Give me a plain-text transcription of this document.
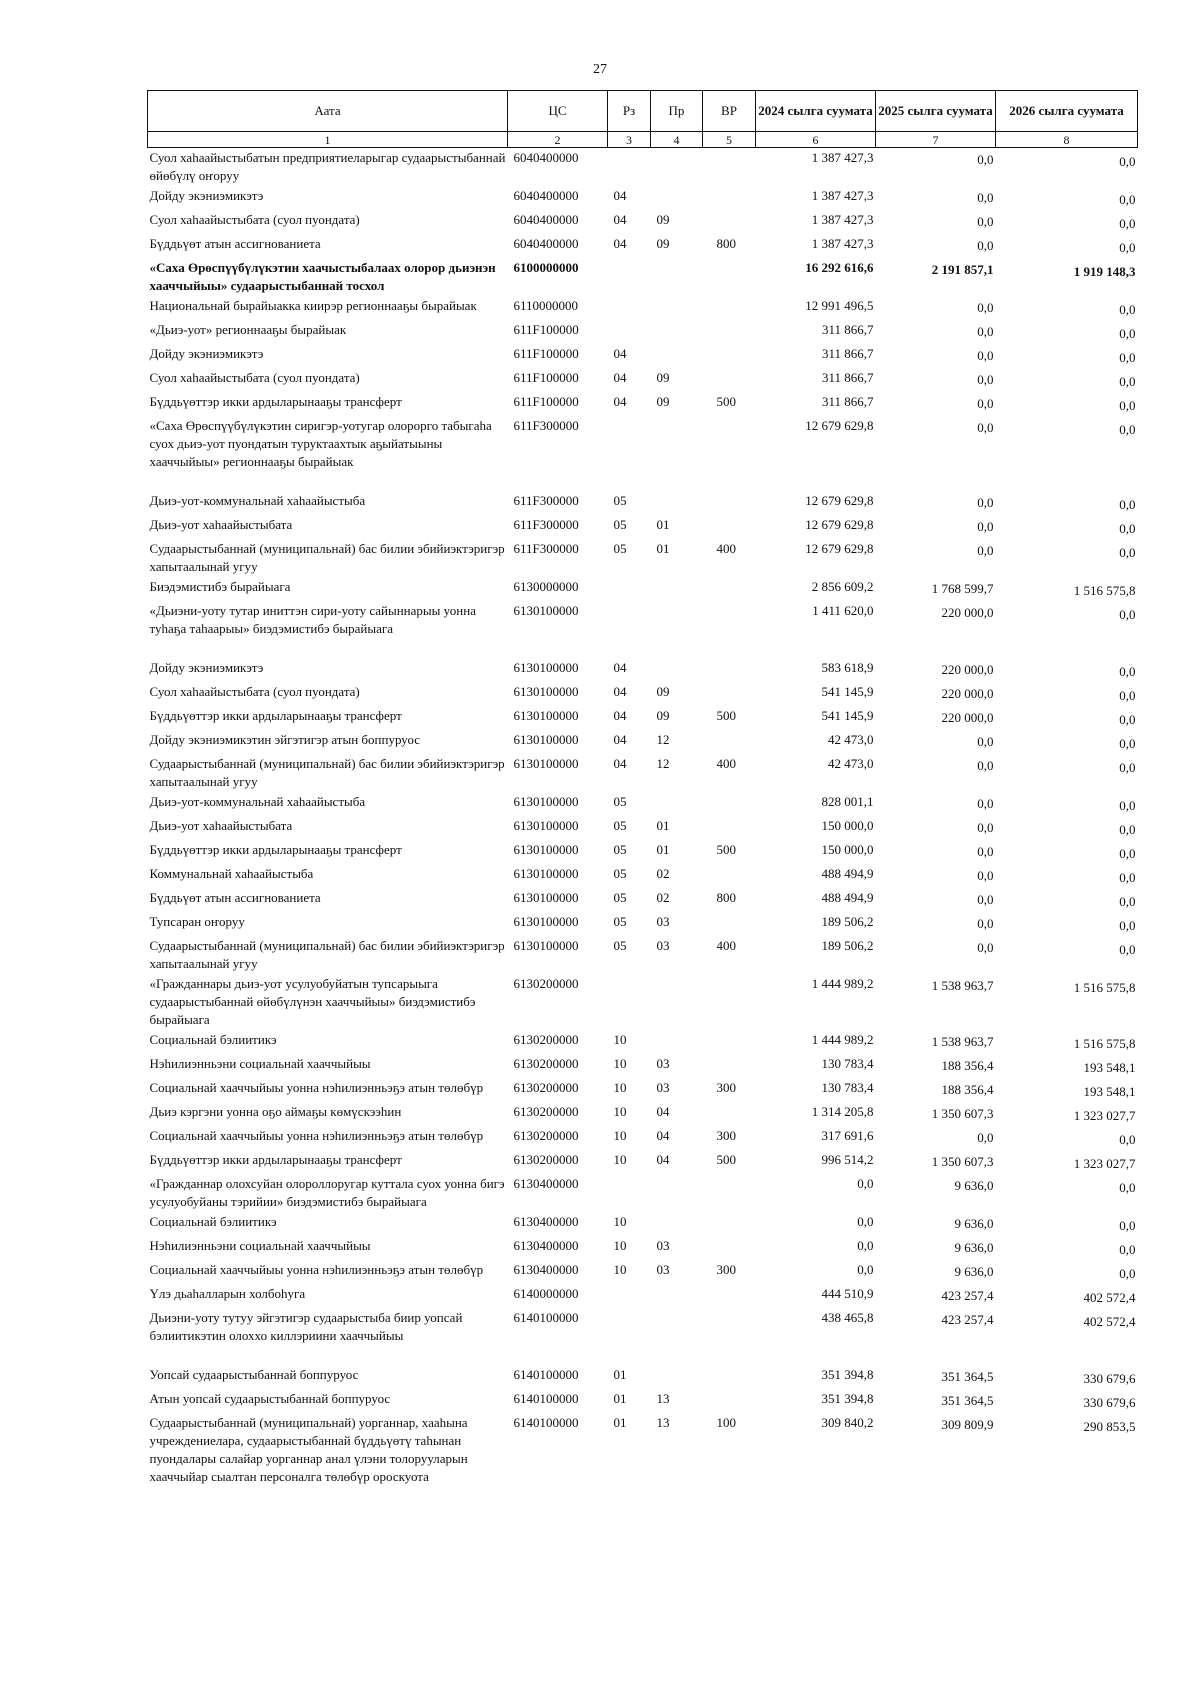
27
Аата	ЦС	Рз	Пр	ВР	2024 сылга суумата	2025 сылга суумата	2026 сылга суумата
1	2	3	4	5	6	7	8
Суол хаhаайыстыбатын предприятиеларыгар судаарыстыбаннай өйөбүлү оҥоруу	6040400000				1 387 427,3	0,0	0,0
Дойду экэниэмикэтэ	6040400000	04			1 387 427,3	0,0	0,0
Суол хаhаайыстыбата (суол пуондата)	6040400000	04	09		1 387 427,3	0,0	0,0
Бүддьүөт атын ассигнованиета	6040400000	04	09	800	1 387 427,3	0,0	0,0
«Саха Өрөспүүбүлүкэтин хаачыстыбалаах олорор дьиэнэн хааччыйыы» судаарыстыбаннай тосхол	6100000000				16 292 616,6	2 191 857,1	1 919 148,3
Национальнай бырайыакка киирэр регионнааҕы бырайыак	6110000000				12 991 496,5	0,0	0,0
«Дьиэ-уот» регионнааҕы бырайыак	611F100000				311 866,7	0,0	0,0
Дойду экэниэмикэтэ	611F100000	04			311 866,7	0,0	0,0
Суол хаhаайыстыбата (суол пуондата)	611F100000	04	09		311 866,7	0,0	0,0
Бүддьүөттэр икки ардыларынааҕы трансферт	611F100000	04	09	500	311 866,7	0,0	0,0
«Саха Өрөспүүбүлүкэтин сиригэр-уотугар олорорго табыгаһа суох дьиэ-уот пуондатын туруктаахтык аҕыйатыыны хааччыйыы» регионнааҕы бырайыак	611F300000				12 679 629,8	0,0	0,0
Дьиэ-уот-коммунальнай хаhаайыстыба	611F300000	05			12 679 629,8	0,0	0,0
Дьиэ-уот хаhаайыстыбата	611F300000	05	01		12 679 629,8	0,0	0,0
Судаарыстыбаннай (муниципальнай) бас билии эбийиэктэригэр хапытаалынай угуу	611F300000	05	01	400	12 679 629,8	0,0	0,0
Биэдэмистибэ бырайыага	6130000000				2 856 609,2	1 768 599,7	1 516 575,8
«Дьиэни-уоту тутар иниттэн сири-уоту сайыннарыы уонна туһаҕа таһаарыы» биэдэмистибэ бырайыага	6130100000				1 411 620,0	220 000,0	0,0
Дойду экэниэмикэтэ	6130100000	04			583 618,9	220 000,0	0,0
Суол хаhаайыстыбата (суол пуондата)	6130100000	04	09		541 145,9	220 000,0	0,0
Бүддьүөттэр икки ардыларынааҕы трансферт	6130100000	04	09	500	541 145,9	220 000,0	0,0
Дойду экэниэмикэтин эйгэтигэр атын боппуруос	6130100000	04	12		42 473,0	0,0	0,0
Судаарыстыбаннай (муниципальнай) бас билии эбийиэктэригэр хапытаалынай угуу	6130100000	04	12	400	42 473,0	0,0	0,0
Дьиэ-уот-коммунальнай хаhаайыстыба	6130100000	05			828 001,1	0,0	0,0
Дьиэ-уот хаhаайыстыбата	6130100000	05	01		150 000,0	0,0	0,0
Бүддьүөттэр икки ардыларынааҕы трансферт	6130100000	05	01	500	150 000,0	0,0	0,0
Коммунальнай хаhаайыстыба	6130100000	05	02		488 494,9	0,0	0,0
Бүддьүөт атын ассигнованиета	6130100000	05	02	800	488 494,9	0,0	0,0
Тупсаран оҥоруу	6130100000	05	03		189 506,2	0,0	0,0
Судаарыстыбаннай (муниципальнай) бас билии эбийиэктэригэр хапытаалынай угуу	6130100000	05	03	400	189 506,2	0,0	0,0
«Гражданнары дьиэ-уот усулуобуйатын тупсарыыга судаарыстыбаннай өйөбүлүнэн хааччыйыы» биэдэмистибэ бырайыага	6130200000				1 444 989,2	1 538 963,7	1 516 575,8
Социальнай бэлиитикэ	6130200000	10			1 444 989,2	1 538 963,7	1 516 575,8
Нэһилиэнньэни социальнай хааччыйыы	6130200000	10	03		130 783,4	188 356,4	193 548,1
Социальнай хааччыйыы уонна нэһилиэнньэҕэ атын төлөбүр	6130200000	10	03	300	130 783,4	188 356,4	193 548,1
Дьиэ кэргэни уонна оҕо аймаҕы көмүскээһин	6130200000	10	04		1 314 205,8	1 350 607,3	1 323 027,7
Социальнай хааччыйыы уонна нэһилиэнньэҕэ атын төлөбүр	6130200000	10	04	300	317 691,6	0,0	0,0
Бүддьүөттэр икки ардыларынааҕы трансферт	6130200000	10	04	500	996 514,2	1 350 607,3	1 323 027,7
«Гражданнар олохсуйан олороллоругар куттала суох уонна бигэ усулуобуйаны тэрийии» биэдэмистибэ бырайыага	6130400000				0,0	9 636,0	0,0
Социальнай бэлиитикэ	6130400000	10			0,0	9 636,0	0,0
Нэһилиэнньэни социальнай хааччыйыы	6130400000	10	03		0,0	9 636,0	0,0
Социальнай хааччыйыы уонна нэһилиэнньэҕэ атын төлөбүр	6130400000	10	03	300	0,0	9 636,0	0,0
Үлэ дьаһалларын холбоһуга	6140000000				444 510,9	423 257,4	402 572,4
Дьиэни-уоту тутуу эйгэтигэр судаарыстыба биир уопсай бэлиитикэтин олоххо киллэриини хааччыйыы	6140100000				438 465,8	423 257,4	402 572,4
Уопсай судаарыстыбаннай боппуруос	6140100000	01			351 394,8	351 364,5	330 679,6
Атын уопсай судаарыстыбаннай боппуруос	6140100000	01	13		351 394,8	351 364,5	330 679,6
Судаарыстыбаннай (муниципальнай) уорганнар, хааһына учреждениелара, судаарыстыбаннай бүддьүөтү таһынан пуондалары салайар уорганнар анал үлэни толорууларын хааччыйар сыалтан персоналга төлөбүр ороскуота	6140100000	01	13	100	309 840,2	309 809,9	290 853,5
